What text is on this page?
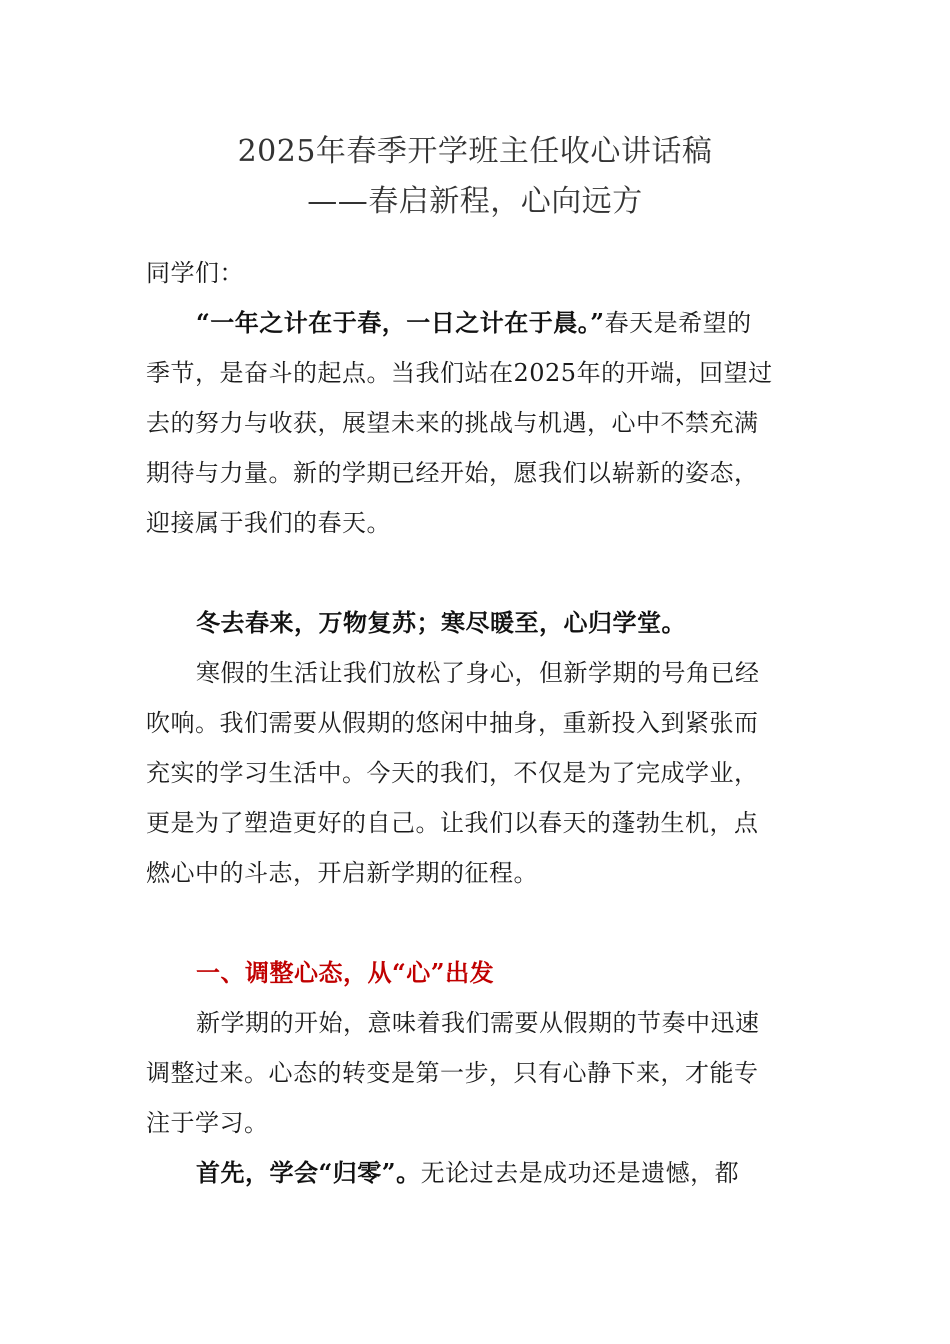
2025年春季开学班主任收心讲话稿
——春启新程，心向远方
同学们：
“一年之计在于春，一日之计在于晨。”春天是希望的
季节，是奋斗的起点。当我们站在2025年的开端，回望过
去的努力与收获，展望未来的挑战与机遇，心中不禁充满
期待与力量。新的学期已经开始，愿我们以崭新的姿态，
迎接属于我们的春天。
冬去春来，万物复苏；寒尽暖至，心归学堂。
寒假的生活让我们放松了身心，但新学期的号角已经
吹响。我们需要从假期的悠闲中抽身，重新投入到紧张而
充实的学习生活中。今天的我们，不仅是为了完成学业，
更是为了塑造更好的自己。让我们以春天的蓬勃生机，点
燃心中的斗志，开启新学期的征程。
一、调整心态，从“心”出发
新学期的开始，意味着我们需要从假期的节奏中迅速
调整过来。心态的转变是第一步，只有心静下来，才能专
注于学习。
首先，学会“归零”。无论过去是成功还是遗憾，都
